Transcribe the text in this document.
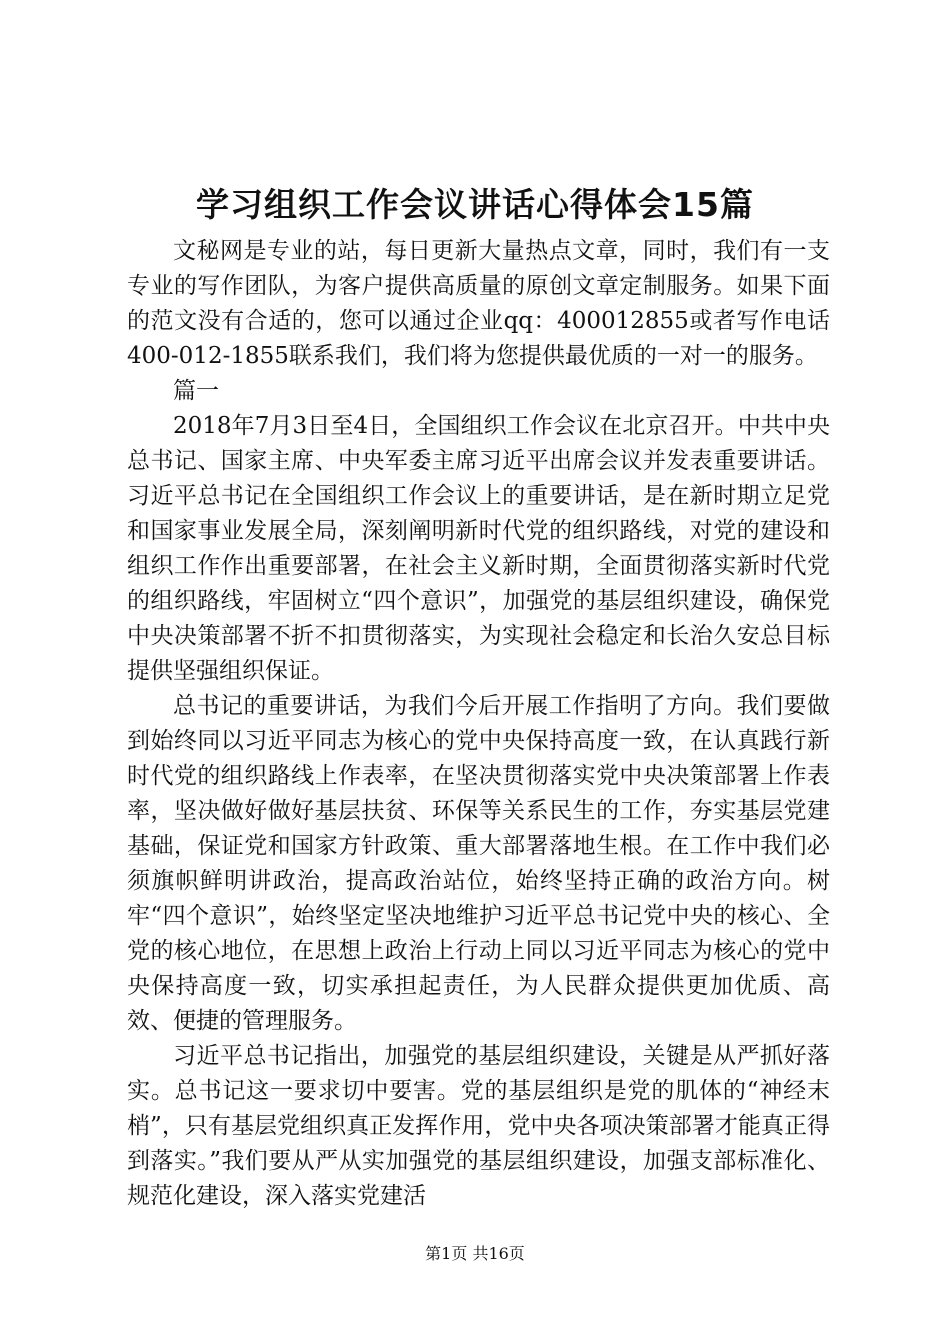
学习组织工作会议讲话心得体会15篇

文秘网是专业的站，每日更新大量热点文章，同时，我们有一支专业的写作团队，为客户提供高质量的原创文章定制服务。如果下面的范文没有合适的，您可以通过企业qq：400012855或者写作电话400-012-1855联系我们，我们将为您提供最优质的一对一的服务。

篇一

2018年7月3日至4日，全国组织工作会议在北京召开。中共中央总书记、国家主席、中央军委主席习近平出席会议并发表重要讲话。习近平总书记在全国组织工作会议上的重要讲话，是在新时期立足党和国家事业发展全局，深刻阐明新时代党的组织路线，对党的建设和组织工作作出重要部署，在社会主义新时期，全面贯彻落实新时代党的组织路线，牢固树立“四个意识”，加强党的基层组织建设，确保党中央决策部署不折不扣贯彻落实，为实现社会稳定和长治久安总目标提供坚强组织保证。

总书记的重要讲话，为我们今后开展工作指明了方向。我们要做到始终同以习近平同志为核心的党中央保持高度一致，在认真践行新时代党的组织路线上作表率，在坚决贯彻落实党中央决策部署上作表率，坚决做好做好基层扶贫、环保等关系民生的工作，夯实基层党建基础，保证党和国家方针政策、重大部署落地生根。在工作中我们必须旗帜鲜明讲政治，提高政治站位，始终坚持正确的政治方向。树牢“四个意识”，始终坚定坚决地维护习近平总书记党中央的核心、全党的核心地位，在思想上政治上行动上同以习近平同志为核心的党中央保持高度一致，切实承担起责任，为人民群众提供更加优质、高效、便捷的管理服务。

习近平总书记指出，加强党的基层组织建设，关键是从严抓好落实。总书记这一要求切中要害。党的基层组织是党的肌体的“神经末梢”，只有基层党组织真正发挥作用，党中央各项决策部署才能真正得到落实。”我们要从严从实加强党的基层组织建设，加强支部标准化、规范化建设，深入落实党建活

第1页 共16页
